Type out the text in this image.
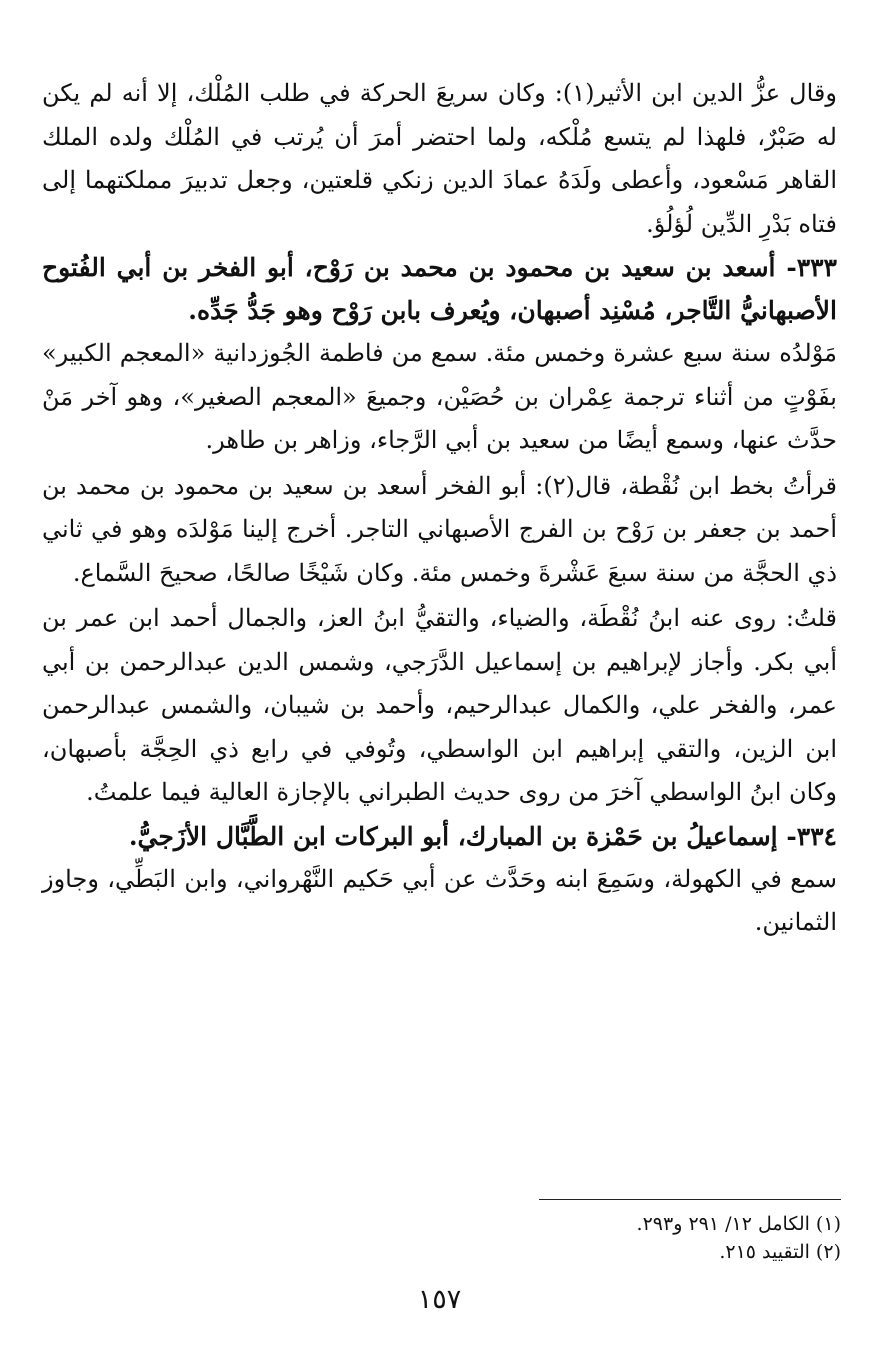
وقال عزُّ الدين ابن الأثير(١): وكان سريعَ الحركة في طلب المُلْك، إلا أنه لم يكن له صَبْرٌ، فلهذا لم يتسع مُلْكه، ولما احتضر أمرَ أن يُرتب في المُلْك ولده الملك القاهر مَسْعود، وأعطى ولَدَهُ عمادَ الدين زنكي قلعتين، وجعل تدبيرَ مملكتهما إلى فتاه بَدْرِ الدِّين لُؤلُؤ.

٣٣٣- أسعد بن سعيد بن محمود بن محمد بن رَوْح، أبو الفخر بن أبي الفُتوح الأصبهانيُّ التَّاجر، مُسْنِد أصبهان، ويُعرف بابن رَوْح وهو جَدُّ جَدِّه.

مَوْلدُه سنة سبع عشرة وخمس مئة. سمع من فاطمة الجُوزدانية «المعجم الكبير» بفَوْتٍ من أثناء ترجمة عِمْران بن حُصَيْن، وجميعَ «المعجم الصغير»، وهو آخر مَنْ حدَّث عنها، وسمع أيضًا من سعيد بن أبي الرَّجاء، وزاهر بن طاهر.

قرأتُ بخط ابن نُقْطة، قال(٢): أبو الفخر أسعد بن سعيد بن محمود بن محمد بن أحمد بن جعفر بن رَوْح بن الفرج الأصبهاني التاجر. أخرج إلينا مَوْلدَه وهو في ثاني ذي الحجَّة من سنة سبعَ عَشْرةَ وخمس مئة. وكان شَيْخًا صالحًا، صحيحَ السَّماع.

قلتُ: روى عنه ابنُ نُقْطَة، والضياء، والتقيُّ ابنُ العز، والجمال أحمد ابن عمر بن أبي بكر. وأجاز لإبراهيم بن إسماعيل الدَّرَجي، وشمس الدين عبدالرحمن بن أبي عمر، والفخر علي، والكمال عبدالرحيم، وأحمد بن شيبان، والشمس عبدالرحمن ابن الزين، والتقي إبراهيم ابن الواسطي، وتُوفي في رابع ذي الحِجَّة بأصبهان، وكان ابنُ الواسطي آخرَ من روى حديث الطبراني بالإجازة العالية فيما علمتُ.

٣٣٤- إسماعيلُ بن حَمْزة بن المبارك، أبو البركات ابن الطَّبَّال الأزَجيُّ.

سمع في الكهولة، وسَمِعَ ابنه وحَدَّث عن أبي حَكيم النَّهْرواني، وابن البَطِّي، وجاوز الثمانين.

(١) الكامل ١٢/ ٢٩١ و٢٩٣.

(٢) التقييد ٢١٥.

١٥٧
